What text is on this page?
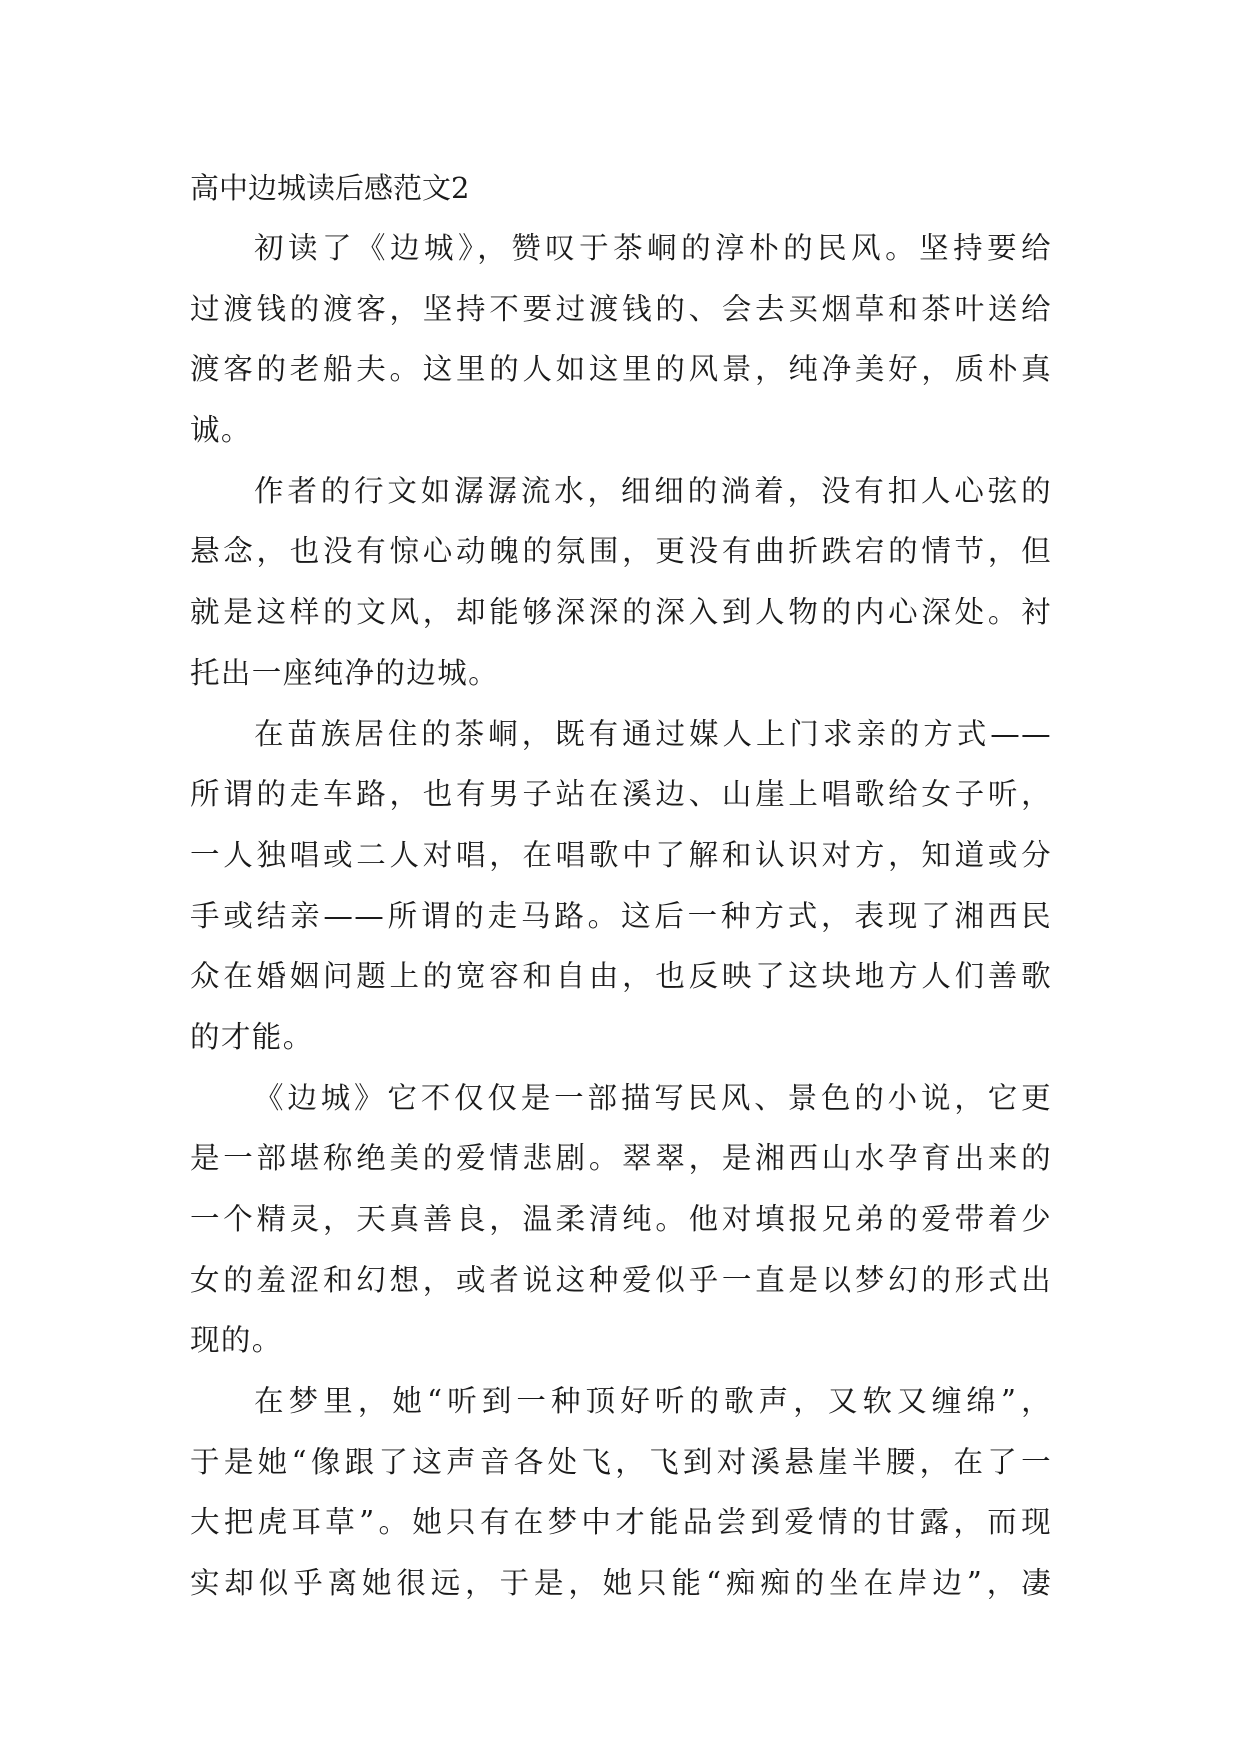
高中边城读后感范文2
初读了《边城》，赞叹于茶峒的淳朴的民风。坚持要给
过渡钱的渡客，坚持不要过渡钱的、会去买烟草和茶叶送给
渡客的老船夫。这里的人如这里的风景，纯净美好，质朴真
诚。
作者的行文如潺潺流水，细细的淌着，没有扣人心弦的
悬念，也没有惊心动魄的氛围，更没有曲折跌宕的情节，但
就是这样的文风，却能够深深的深入到人物的内心深处。衬
托出一座纯净的边城。
在苗族居住的茶峒，既有通过媒人上门求亲的方式——
所谓的走车路，也有男子站在溪边、山崖上唱歌给女子听，
一人独唱或二人对唱，在唱歌中了解和认识对方，知道或分
手或结亲——所谓的走马路。这后一种方式，表现了湘西民
众在婚姻问题上的宽容和自由，也反映了这块地方人们善歌
的才能。
《边城》它不仅仅是一部描写民风、景色的小说，它更
是一部堪称绝美的爱情悲剧。翠翠，是湘西山水孕育出来的
一个精灵，天真善良，温柔清纯。他对填报兄弟的爱带着少
女的羞涩和幻想，或者说这种爱似乎一直是以梦幻的形式出
现的。
在梦里，她“听到一种顶好听的歌声，又软又缠绵”，
于是她“像跟了这声音各处飞，飞到对溪悬崖半腰，在了一
大把虎耳草”。她只有在梦中才能品尝到爱情的甘露，而现
实却似乎离她很远，于是，她只能“痴痴的坐在岸边”，凄
